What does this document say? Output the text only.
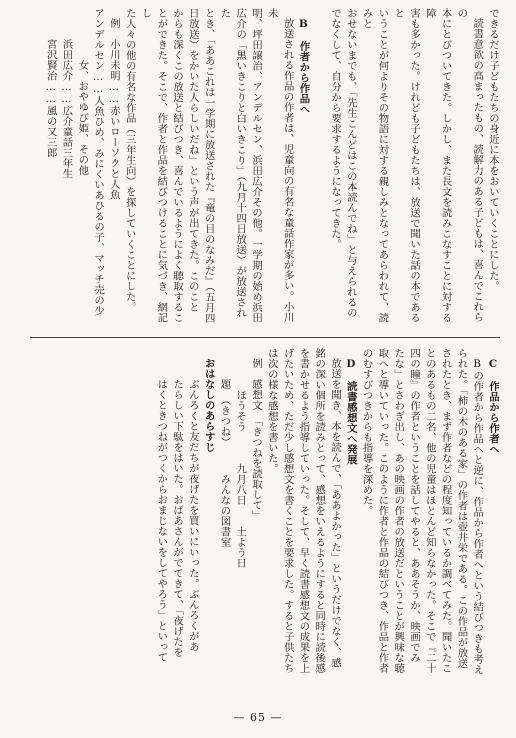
できるだけ子どもたちの身近に本をおいていくことにした。

読書意欲の高まったもの、読解力のある子どもは、喜んでこれらの

本にとびついてきた。しかし、また長文を読みこなすことに対する障

害も多かった。けれども子どもたちは、放送で聞いた話の本であると

いうことが何よりその物語に対する親しみとなってあらわれて、読みと

おせないまでも、「先生こんどはこの本読んでね」と与えられるの

でなくして、自分から要求するようになってきた。

B　作者から作品へ

放送される作品の作者は、児童向の有名な童話作家が多い。小川未

明、坪田譲治、アンデルセン、浜田広介その他。一学期の始め浜田

広介の「黒いきこりと白いきこり」（九月十四日放送）が放送された

とき、「ああこれは一学期に放送された『竜の目のなみだ』（五月四

日放送）をかいた人らしいだね」という声が出てきた。このこと

からも深くこの放送と結びつき、喜んでいるようによく聴取するこ

とができた。そこで、作者と作品を結びつけることに気づき、網記し

た人々の他の有名な作品（三年生向）を探していくことにした。

例　小川未明……赤いローソクと人魚

アンデルセン……人魚ひめ、みにくいあひるの子、マッチ売の少

女、おやゆび姫、その他

浜田広介……広介童話三年生

宮沢賢治……風の又三郎

C　作品から作者へ

Bの作者から作品へと逆に、作品から作者へという結びつきも考え

られた。「柿の木のある家」の作者は壺井栄である。この作品が放送

されたとき、まず作者などの程度知っているか調べてみた。聞いたこ

とのあるもの二名、他の児童はほとんど知らなかった。そこで『二十

四の瞳』の作者ということを話してやると、ああそうか、映画でみ

たな」とさわぎ出し、あの映画の作者の放送だということが興味な聴

取へと導いていった。このように作者と作品の結びつき、作品と作者

のむすびつきからも指導を深めた。

D　読書感想文へ発展

放送を聞き、本を読んで、「ああよかった」というだけでなく、感

銘の深い個所を読みとって、感想をいえるようにすると同時に読後感

を書かせるよう指導していった。そして、早く読書感想文の成果を上

げたいため、ただ少し感想文を書くことを要求した。すると子供たち

は次の様な感想を書いた。

例　感想文　「きつねを読取して」

ほうそう　　　九月八日　　土よう日

題　（きつね）　　　みんなの図書室

おはなしのあらすじ

ぶんろくと友だちが夜げたを買いにいった。ぶんろくがあ

たらしい下駄をはいた。おばあさんがでてきて、「夜げたを

はくときつねがつくからおまじないをしてやろう」といって

— 65 —
